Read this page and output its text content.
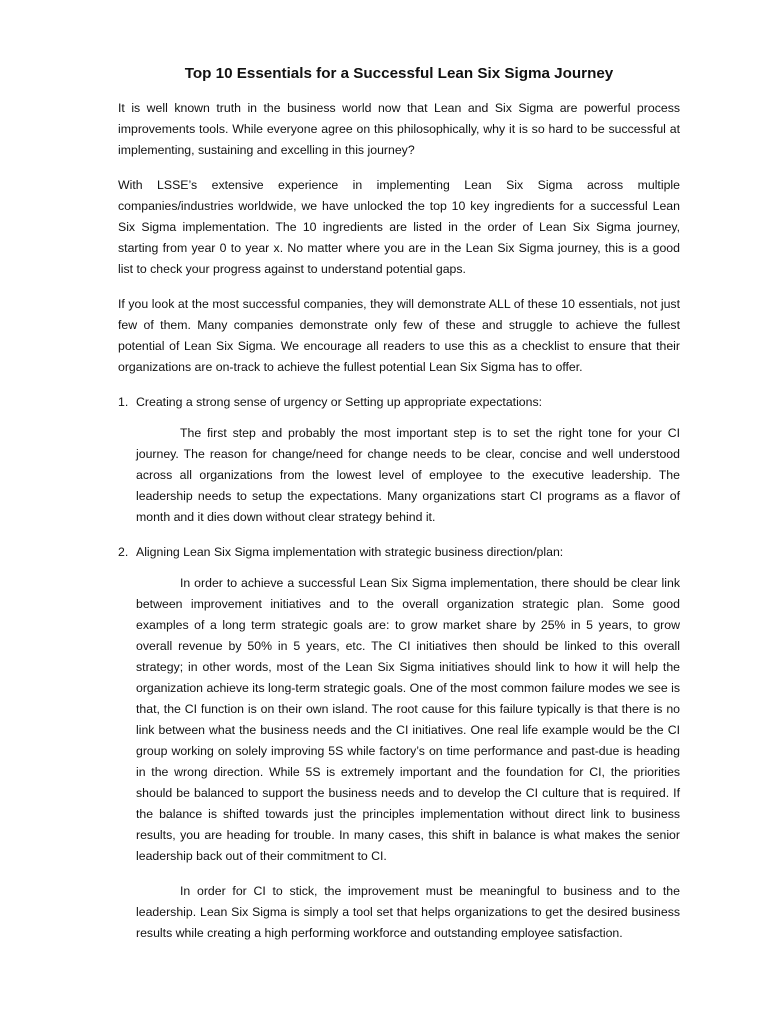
Top 10 Essentials for a Successful Lean Six Sigma Journey

It is well known truth in the business world now that Lean and Six Sigma are powerful process improvements tools. While everyone agree on this philosophically, why it is so hard to be successful at implementing, sustaining and excelling in this journey?

With LSSE’s extensive experience in implementing Lean Six Sigma across multiple companies/industries worldwide, we have unlocked the top 10 key ingredients for a successful Lean Six Sigma implementation. The 10 ingredients are listed in the order of Lean Six Sigma journey, starting from year 0 to year x. No matter where you are in the Lean Six Sigma journey, this is a good list to check your progress against to understand potential gaps.

If you look at the most successful companies, they will demonstrate ALL of these 10 essentials, not just few of them. Many companies demonstrate only few of these and struggle to achieve the fullest potential of Lean Six Sigma. We encourage all readers to use this as a checklist to ensure that their organizations are on-track to achieve the fullest potential Lean Six Sigma has to offer.

1. Creating a strong sense of urgency or Setting up appropriate expectations:
The first step and probably the most important step is to set the right tone for your CI journey. The reason for change/need for change needs to be clear, concise and well understood across all organizations from the lowest level of employee to the executive leadership. The leadership needs to setup the expectations. Many organizations start CI programs as a flavor of month and it dies down without clear strategy behind it.
2. Aligning Lean Six Sigma implementation with strategic business direction/plan:
In order to achieve a successful Lean Six Sigma implementation, there should be clear link between improvement initiatives and to the overall organization strategic plan. Some good examples of a long term strategic goals are: to grow market share by 25% in 5 years, to grow overall revenue by 50% in 5 years, etc. The CI initiatives then should be linked to this overall strategy; in other words, most of the Lean Six Sigma initiatives should link to how it will help the organization achieve its long-term strategic goals. One of the most common failure modes we see is that, the CI function is on their own island. The root cause for this failure typically is that there is no link between what the business needs and the CI initiatives. One real life example would be the CI group working on solely improving 5S while factory’s on time performance and past-due is heading in the wrong direction. While 5S is extremely important and the foundation for CI, the priorities should be balanced to support the business needs and to develop the CI culture that is required. If the balance is shifted towards just the principles implementation without direct link to business results, you are heading for trouble. In many cases, this shift in balance is what makes the senior leadership back out of their commitment to CI.
In order for CI to stick, the improvement must be meaningful to business and to the leadership. Lean Six Sigma is simply a tool set that helps organizations to get the desired business results while creating a high performing workforce and outstanding employee satisfaction.
